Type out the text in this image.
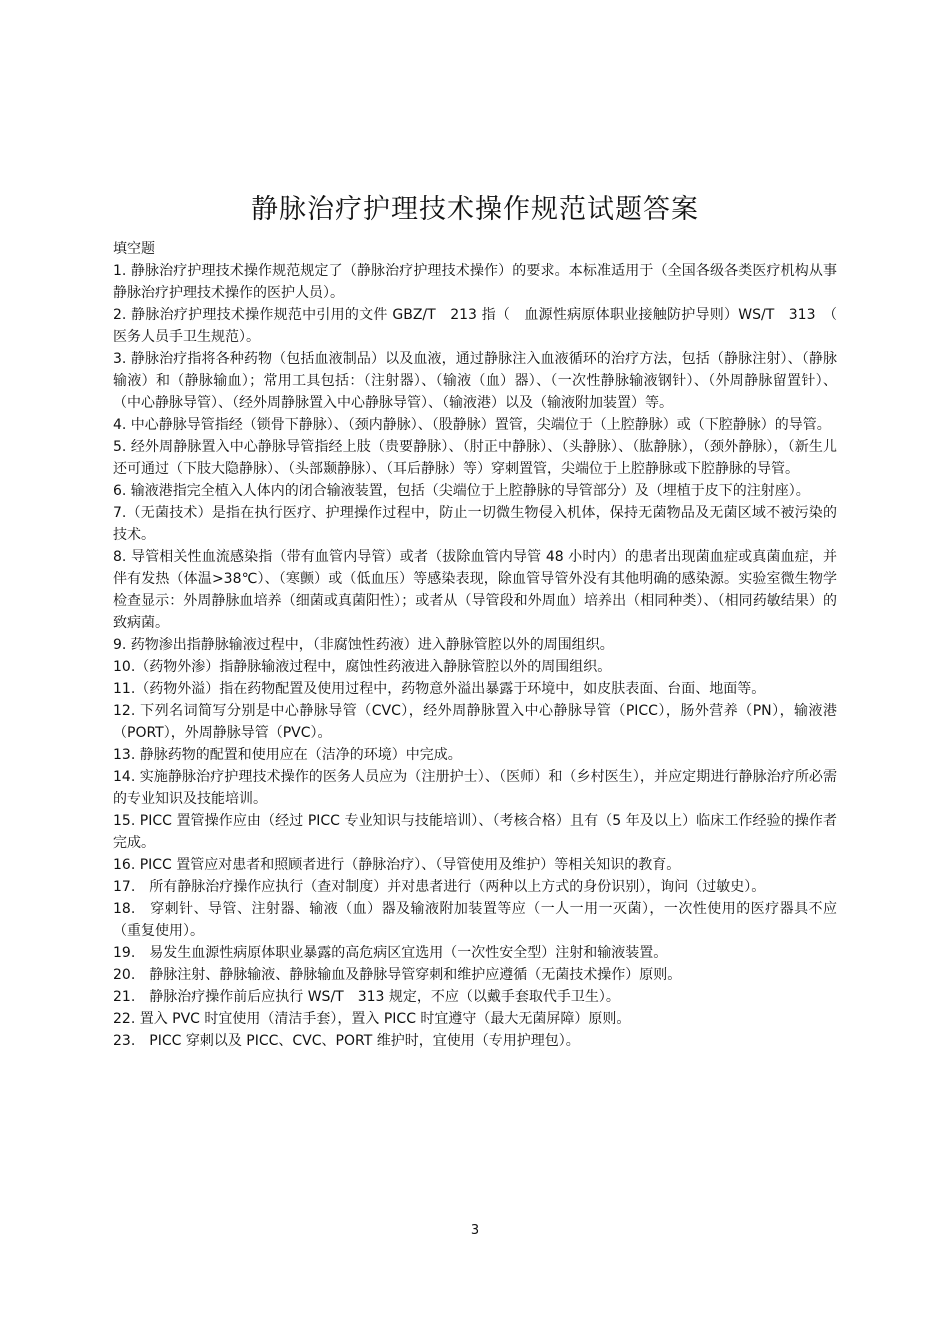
静脉治疗护理技术操作规范试题答案
填空题

1. 静脉治疗护理技术操作规范规定了（静脉治疗护理技术操作）的要求。本标准适用于（全国各级各类医疗机构从事静脉治疗护理技术操作的医护人员）。

2. 静脉治疗护理技术操作规范中引用的文件 GBZ/T　213 指（　血源性病原体职业接触防护导则）WS/T　313　（　医务人员手卫生规范）。

3. 静脉治疗指将各种药物（包括血液制品）以及血液，通过静脉注入血液循环的治疗方法，包括（静脉注射）、（静脉输液）和（静脉输血）；常用工具包括：（注射器）、（输液（血）器）、（一次性静脉输液钢针）、（外周静脉留置针）、（中心静脉导管）、（经外周静脉置入中心静脉导管）、（输液港）以及（输液附加装置）等。

4. 中心静脉导管指经（锁骨下静脉）、（颈内静脉）、（股静脉）置管，尖端位于（上腔静脉）或（下腔静脉）的导管。

5. 经外周静脉置入中心静脉导管指经上肢（贵要静脉）、（肘正中静脉）、（头静脉）、（肱静脉），（颈外静脉），（新生儿还可通过（下肢大隐静脉）、（头部颞静脉）、（耳后静脉）等）穿刺置管，尖端位于上腔静脉或下腔静脉的导管。

6. 输液港指完全植入人体内的闭合输液装置，包括（尖端位于上腔静脉的导管部分）及（埋植于皮下的注射座）。

7.（无菌技术）是指在执行医疗、护理操作过程中，防止一切微生物侵入机体，保持无菌物品及无菌区域不被污染的技术。

8. 导管相关性血流感染指（带有血管内导管）或者（拔除血管内导管 48 小时内）的患者出现菌血症或真菌血症，并伴有发热（体温>38℃）、（寒颤）或（低血压）等感染表现，除血管导管外没有其他明确的感染源。实验室微生物学检查显示：外周静脉血培养（细菌或真菌阳性）；或者从（导管段和外周血）培养出（相同种类）、（相同药敏结果）的致病菌。

9. 药物渗出指静脉输液过程中，（非腐蚀性药液）进入静脉管腔以外的周围组织。

10.（药物外渗）指静脉输液过程中，腐蚀性药液进入静脉管腔以外的周围组织。

11.（药物外溢）指在药物配置及使用过程中，药物意外溢出暴露于环境中，如皮肤表面、台面、地面等。

12. 下列名词简写分别是中心静脉导管（CVC），经外周静脉置入中心静脉导管（PICC），肠外营养（PN），输液港（PORT），外周静脉导管（PVC）。

13. 静脉药物的配置和使用应在（洁净的环境）中完成。

14. 实施静脉治疗护理技术操作的医务人员应为（注册护士）、（医师）和（乡村医生），并应定期进行静脉治疗所必需的专业知识及技能培训。

15. PICC 置管操作应由（经过 PICC 专业知识与技能培训）、（考核合格）且有（5 年及以上）临床工作经验的操作者完成。

16. PICC 置管应对患者和照顾者进行（静脉治疗）、（导管使用及维护）等相关知识的教育。

17.　所有静脉治疗操作应执行（查对制度）并对患者进行（两种以上方式的身份识别），询问（过敏史）。

18.　穿刺针、导管、注射器、输液（血）器及输液附加装置等应（一人一用一灭菌），一次性使用的医疗器具不应（重复使用）。

19.　易发生血源性病原体职业暴露的高危病区宜选用（一次性安全型）注射和输液装置。

20.　静脉注射、静脉输液、静脉输血及静脉导管穿刺和维护应遵循（无菌技术操作）原则。

21.　静脉治疗操作前后应执行 WS/T　313 规定，不应（以戴手套取代手卫生）。

22. 置入 PVC 时宜使用（清洁手套），置入 PICC 时宜遵守（最大无菌屏障）原则。

23.　PICC 穿刺以及 PICC、CVC、PORT 维护时，宜使用（专用护理包）。

3
